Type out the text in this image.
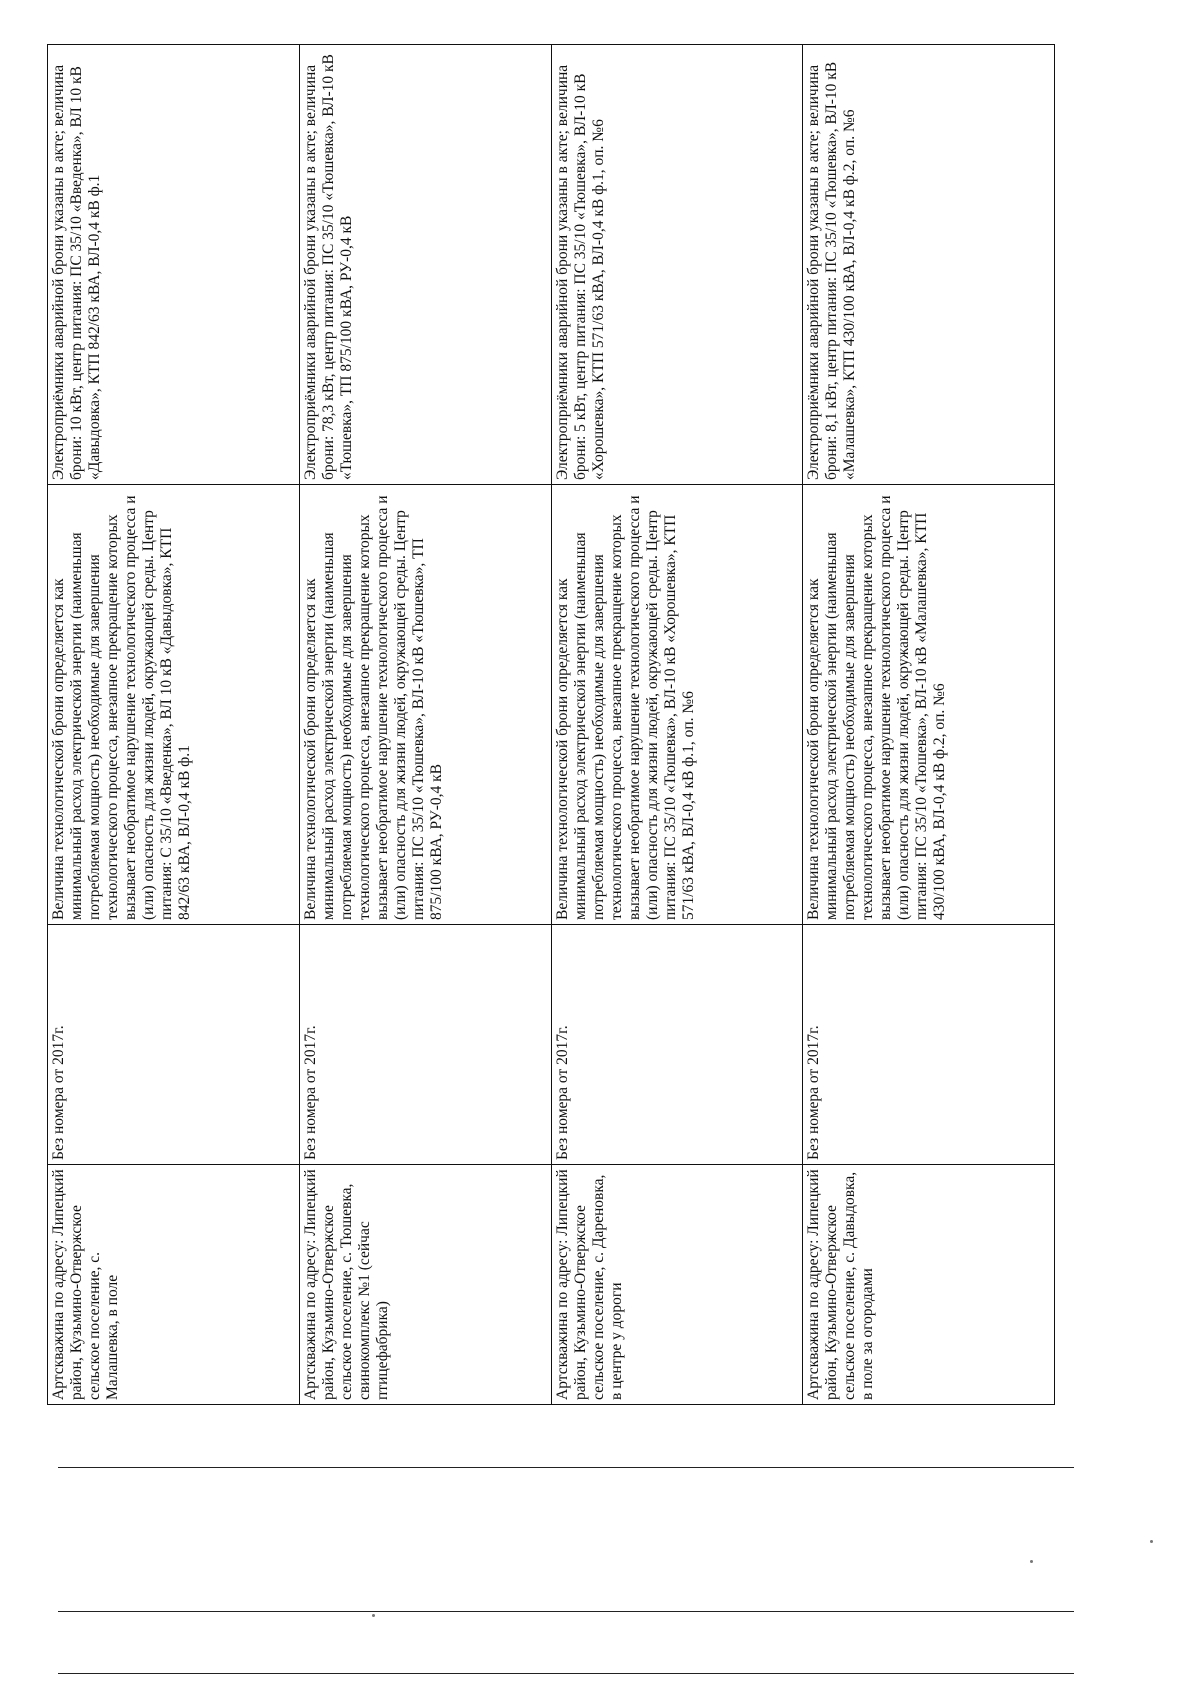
Артскважина по адресу: Липецкий район, Кузьмино-Отвержское сельское поселение, с. Малашевка, в поле	Без номера от 2017г.	Величина технологической брони определяется как минимальный расход электрической энергии (наименьшая потребляемая мощность) необходимые для завершения технологического процесса, внезапное прекращение которых вызывает необратимое нарушение технологического процесса и (или) опасность для жизни людей, окружающей среды. Центр питания: С 35/10 «Введенка», ВЛ 10 кВ «Давыдовка», КТП 842/63 кВА, ВЛ-0,4 кВ ф.1	Электроприёмники аварийной брони указаны в акте; величина брони: 10 кВт, центр питания: ПС 35/10 «Введенка», ВЛ 10 кВ «Давыдовка», КТП 842/63 кВА, ВЛ-0,4 кВ ф.1
Артскважина по адресу: Липецкий район, Кузьмино-Отвержское сельское поселение, с. Тюшевка, свинокомплекс №1 (сейчас птицефабрика)	Без номера от 2017г.	Величина технологической брони определяется как минимальный расход электрической энергии (наименьшая потребляемая мощность) необходимые для завершения технологического процесса, внезапное прекращение которых вызывает необратимое нарушение технологического процесса и (или) опасность для жизни людей, окружающей среды. Центр питания: ПС 35/10 «Тюшевка», ВЛ-10 кВ «Тюшевка», ТП 875/100 кВА, РУ-0,4 кВ	Электроприёмники аварийной брони указаны в акте; величина брони: 78,3 кВт, центр питания: ПС 35/10 «Тюшевка», ВЛ-10 кВ «Тюшевка», ТП 875/100 кВА, РУ-0,4 кВ
Артскважина по адресу: Липецкий район, Кузьмино-Отвержское сельское поселение, с. Дареновка, в центре у дороги	Без номера от 2017г.	Величина технологической брони определяется как минимальный расход электрической энергии (наименьшая потребляемая мощность) необходимые для завершения технологического процесса, внезапное прекращение которых вызывает необратимое нарушение технологического процесса и (или) опасность для жизни людей, окружающей среды. Центр питания: ПС 35/10 «Тюшевка», ВЛ-10 кВ «Хорошевка», КТП 571/63 кВА, ВЛ-0,4 кВ ф.1, оп. №6	Электроприёмники аварийной брони указаны в акте; величина брони: 5 кВт, центр питания: ПС 35/10 «Тюшевка», ВЛ-10 кВ «Хорошевка», КТП 571/63 кВА, ВЛ-0,4 кВ ф.1, оп. №6
Артскважина по адресу: Липецкий район, Кузьмино-Отвержское сельское поселение, с. Давыдовка, в поле за огородами	Без номера от 2017г.	Величина технологической брони определяется как минимальный расход электрической энергии (наименьшая потребляемая мощность) необходимые для завершения технологического процесса, внезапное прекращение которых вызывает необратимое нарушение технологического процесса и (или) опасность для жизни людей, окружающей среды. Центр питания: ПС 35/10 «Тюшевка», ВЛ-10 кВ «Малашевка», КТП 430/100 кВА, ВЛ-0,4 кВ ф.2, оп. №6	Электроприёмники аварийной брони указаны в акте; величина брони: 8,1 кВт, центр питания: ПС 35/10 «Тюшевка», ВЛ-10 кВ «Малашевка», КТП 430/100 кВА, ВЛ-0,4 кВ ф.2, оп. №6
